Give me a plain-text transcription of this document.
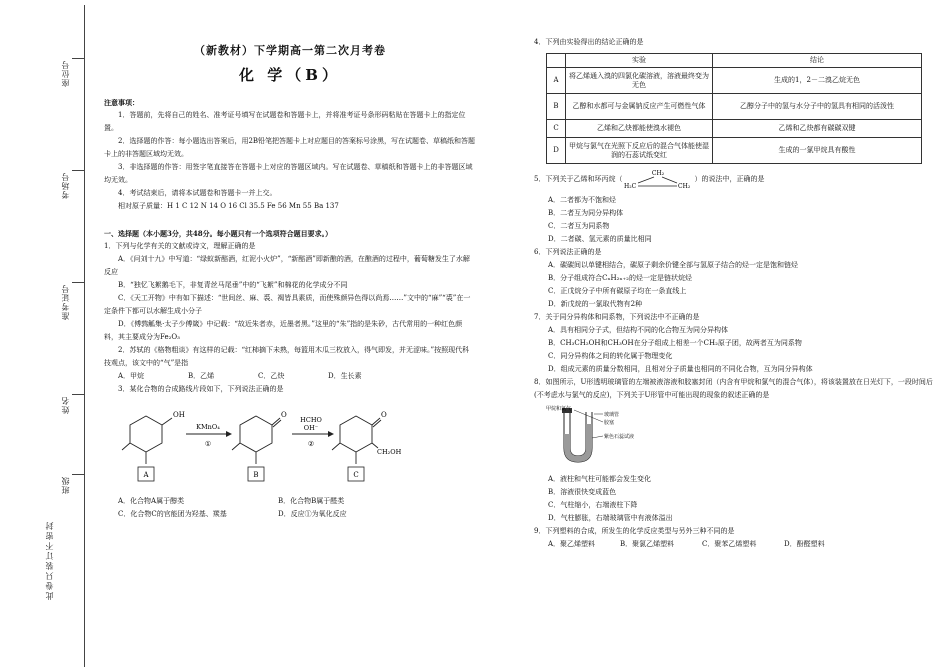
座位号
考场号
准考证号
姓名
班级
此卷只装订不密封
（新教材）下学期高一第二次月考卷
化 学（B）
注意事项：

1．答题前，先将自己的姓名、准考证号填写在试题卷和答题卡上，并将准考证号条形码粘贴在答题卡上的指定位置。

2．选择题的作答：每小题选出答案后，用2B铅笔把答题卡上对应题目的答案标号涂黑，写在试题卷、草稿纸和答题卡上的非答题区域均无效。

3．非选择题的作答：用签字笔直接答在答题卡上对应的答题区域内。写在试题卷、草稿纸和答题卡上的非答题区域均无效。

4．考试结束后，请将本试题卷和答题卡一并上交。

相对原子质量：H 1 C 12 N 14 O 16 Cl 35.5 Fe 56 Mn 55 Ba 137

一、选择题（本小题3分，共48分。每小题只有一个选项符合题目要求。）

1．下列与化学有关的文献或诗文，理解正确的是

A．《问刘十九》中写道：“绿蚁新醅酒，红泥小火炉”，“新醅酒”即新酿的酒，在酿酒的过程中，葡萄糖发生了水解反应

B．“独忆飞絮鹅毛下，非复青丝马尾垂”中的“飞絮”和棉花的化学成分不同

C．《天工开物》中有如下描述：“世间丝、麻、裘、褐皆具素质，而使殊颜异色得以尚焉……”文中的“麻”“裘”在一定条件下都可以水解生成小分子

D．《傅鹑觚集·太子少傅箴》中记载：“故近朱者赤，近墨者黑。”这里的“朱”指的是朱砂，古代常用的一种红色颜料，其主要成分为Fe₂O₃

2．苏轼的《格物粗谈》有这样的记载：“红柿摘下未熟，每篮用木瓜三枚放入，得气即发，并无涩味。”按照现代科技观点，该文中的“气”是指

A．甲烷	B．乙烯	C．乙炔	D．生长素

3．某化合物的合成路线片段如下，下列说法正确的是

OH
A
KMnO₄
①
O
B
HCHO
OH⁻
②
O
CH₂OH
C
A．化合物A属于醇类	B．化合物B属于醛类
C．化合物C的官能团为羟基、羰基	D．反应①为氧化反应

4．下列由实验得出的结论正确的是

	实验	结论
A	将乙烯通入溴的四氯化碳溶液，溶液最终变为无色	生成的1，2－二溴乙烷无色
B	乙醇和水都可与金属钠反应产生可燃性气体	乙醇分子中的氢与水分子中的氢具有相同的活泼性
C	乙烯和乙炔都能使溴水褪色	乙烯和乙炔都有碳碳双键
D	甲烷与氯气在光照下反应后的混合气体能使湿润的石蕊试纸变红	生成的一氯甲烷具有酸性

5．下列关于乙烯和环丙烷（
CH₂
H₂C	CH₂
）的说法中，正确的是

A．二者都为不饱和烃
B．二者互为同分异构体
C．二者互为同系物
D．二者碳、氢元素的质量比相同

6．下列说法正确的是

A．碳碳间以单键相结合，碳原子剩余价键全部与氢原子结合的烃一定是饱和链烃

B．分子组成符合CₙH₂ₙ₊₂的烃一定是链状烷烃

C．正戊烷分子中所有碳原子均在一条直线上

D．新戊烷的一氯取代物有2种

7．关于同分异构体和同系物，下列说法中不正确的是

A．具有相同分子式，但结构不同的化合物互为同分异构体

B．CH₃CH₂OH和CH₃OH在分子组成上相差一个CH₂原子团，故两者互为同系物

C．同分异构体之间的转化属于物理变化

D．组成元素的质量分数相同，且相对分子质量也相同的不同化合物，互为同分异构体

8．如图所示，U形透明玻璃管的左端被液溶液和胶塞封闭（内含有甲烷和氯气的混合气体），将该装置放在日光灯下，一段时间后(不考虑水与氯气的反应)，下列关于U形管中可能出现的现象的叙述正确的是

甲烷和氯气
玻璃管
胶塞
紫色石蕊试液
A．液柱和气柱可能都会发生变化
B．溶液很快变成蓝色
C．气柱缩小，右端液柱下降
D．气柱膨胀，右端玻璃管中有液体溢出

9．下列塑料的合成，所发生的化学反应类型与另外三种不同的是

A．聚乙烯塑料	B．聚氯乙烯塑料	C．聚苯乙烯塑料	D．酚醛塑料
